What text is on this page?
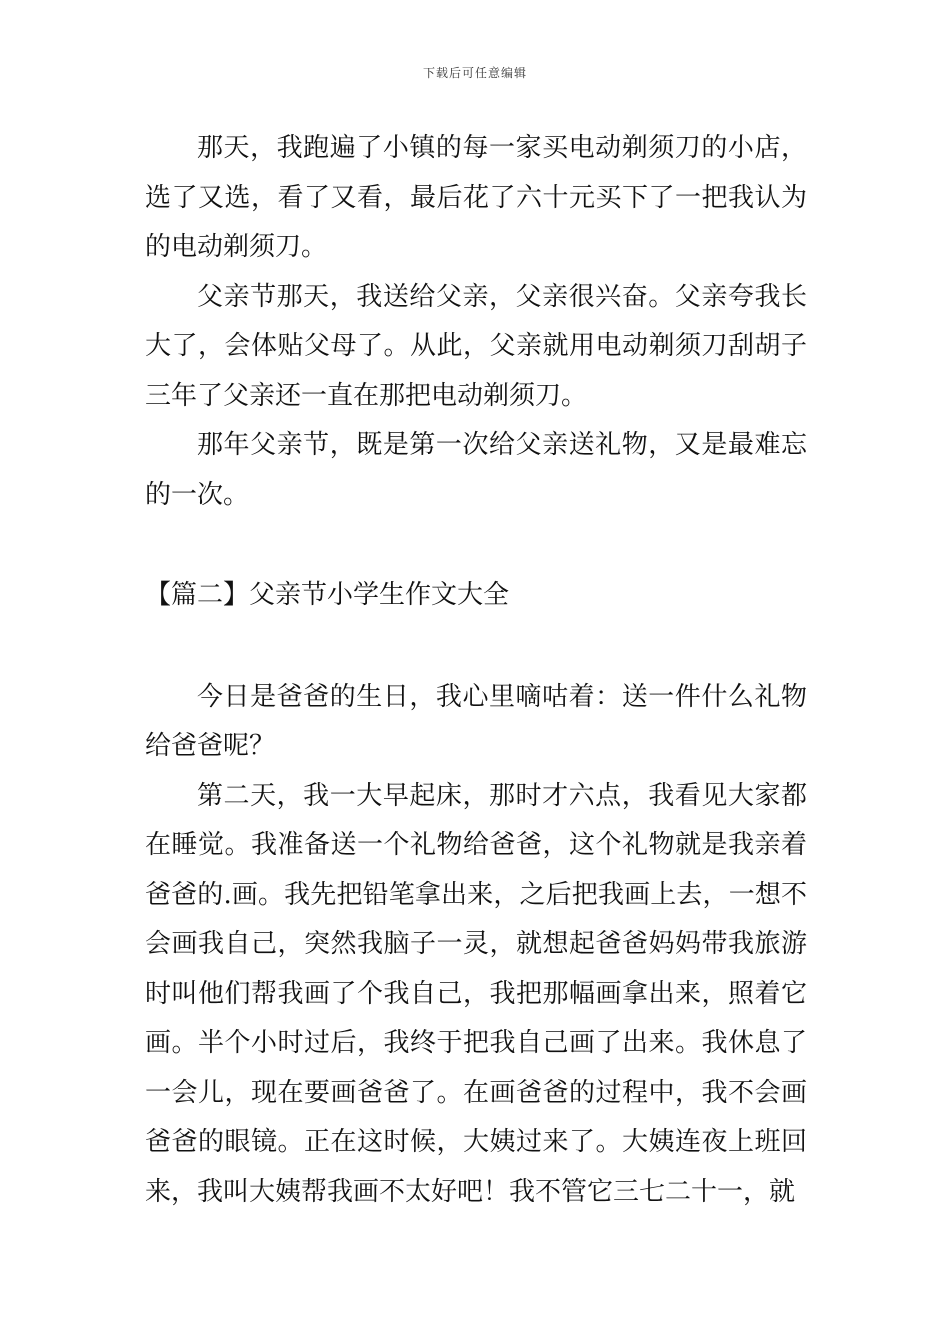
下载后可任意编辑

那天，我跑遍了小镇的每一家买电动剃须刀的小店，选了又选，看了又看，最后花了六十元买下了一把我认为的电动剃须刀。

父亲节那天，我送给父亲，父亲很兴奋。父亲夸我长大了，会体贴父母了。从此，父亲就用电动剃须刀刮胡子三年了父亲还一直在那把电动剃须刀。

那年父亲节，既是第一次给父亲送礼物，又是最难忘的一次。

【篇二】父亲节小学生作文大全

今日是爸爸的生日，我心里嘀咕着：送一件什么礼物给爸爸呢？

第二天，我一大早起床，那时才六点，我看见大家都在睡觉。我准备送一个礼物给爸爸，这个礼物就是我亲着爸爸的.画。我先把铅笔拿出来，之后把我画上去，一想不会画我自己，突然我脑子一灵，就想起爸爸妈妈带我旅游时叫他们帮我画了个我自己，我把那幅画拿出来，照着它画。半个小时过后，我终于把我自己画了出来。我休息了一会儿，现在要画爸爸了。在画爸爸的过程中，我不会画爸爸的眼镜。正在这时候，大姨过来了。大姨连夜上班回来，我叫大姨帮我画不太好吧！我不管它三七二十一，就
